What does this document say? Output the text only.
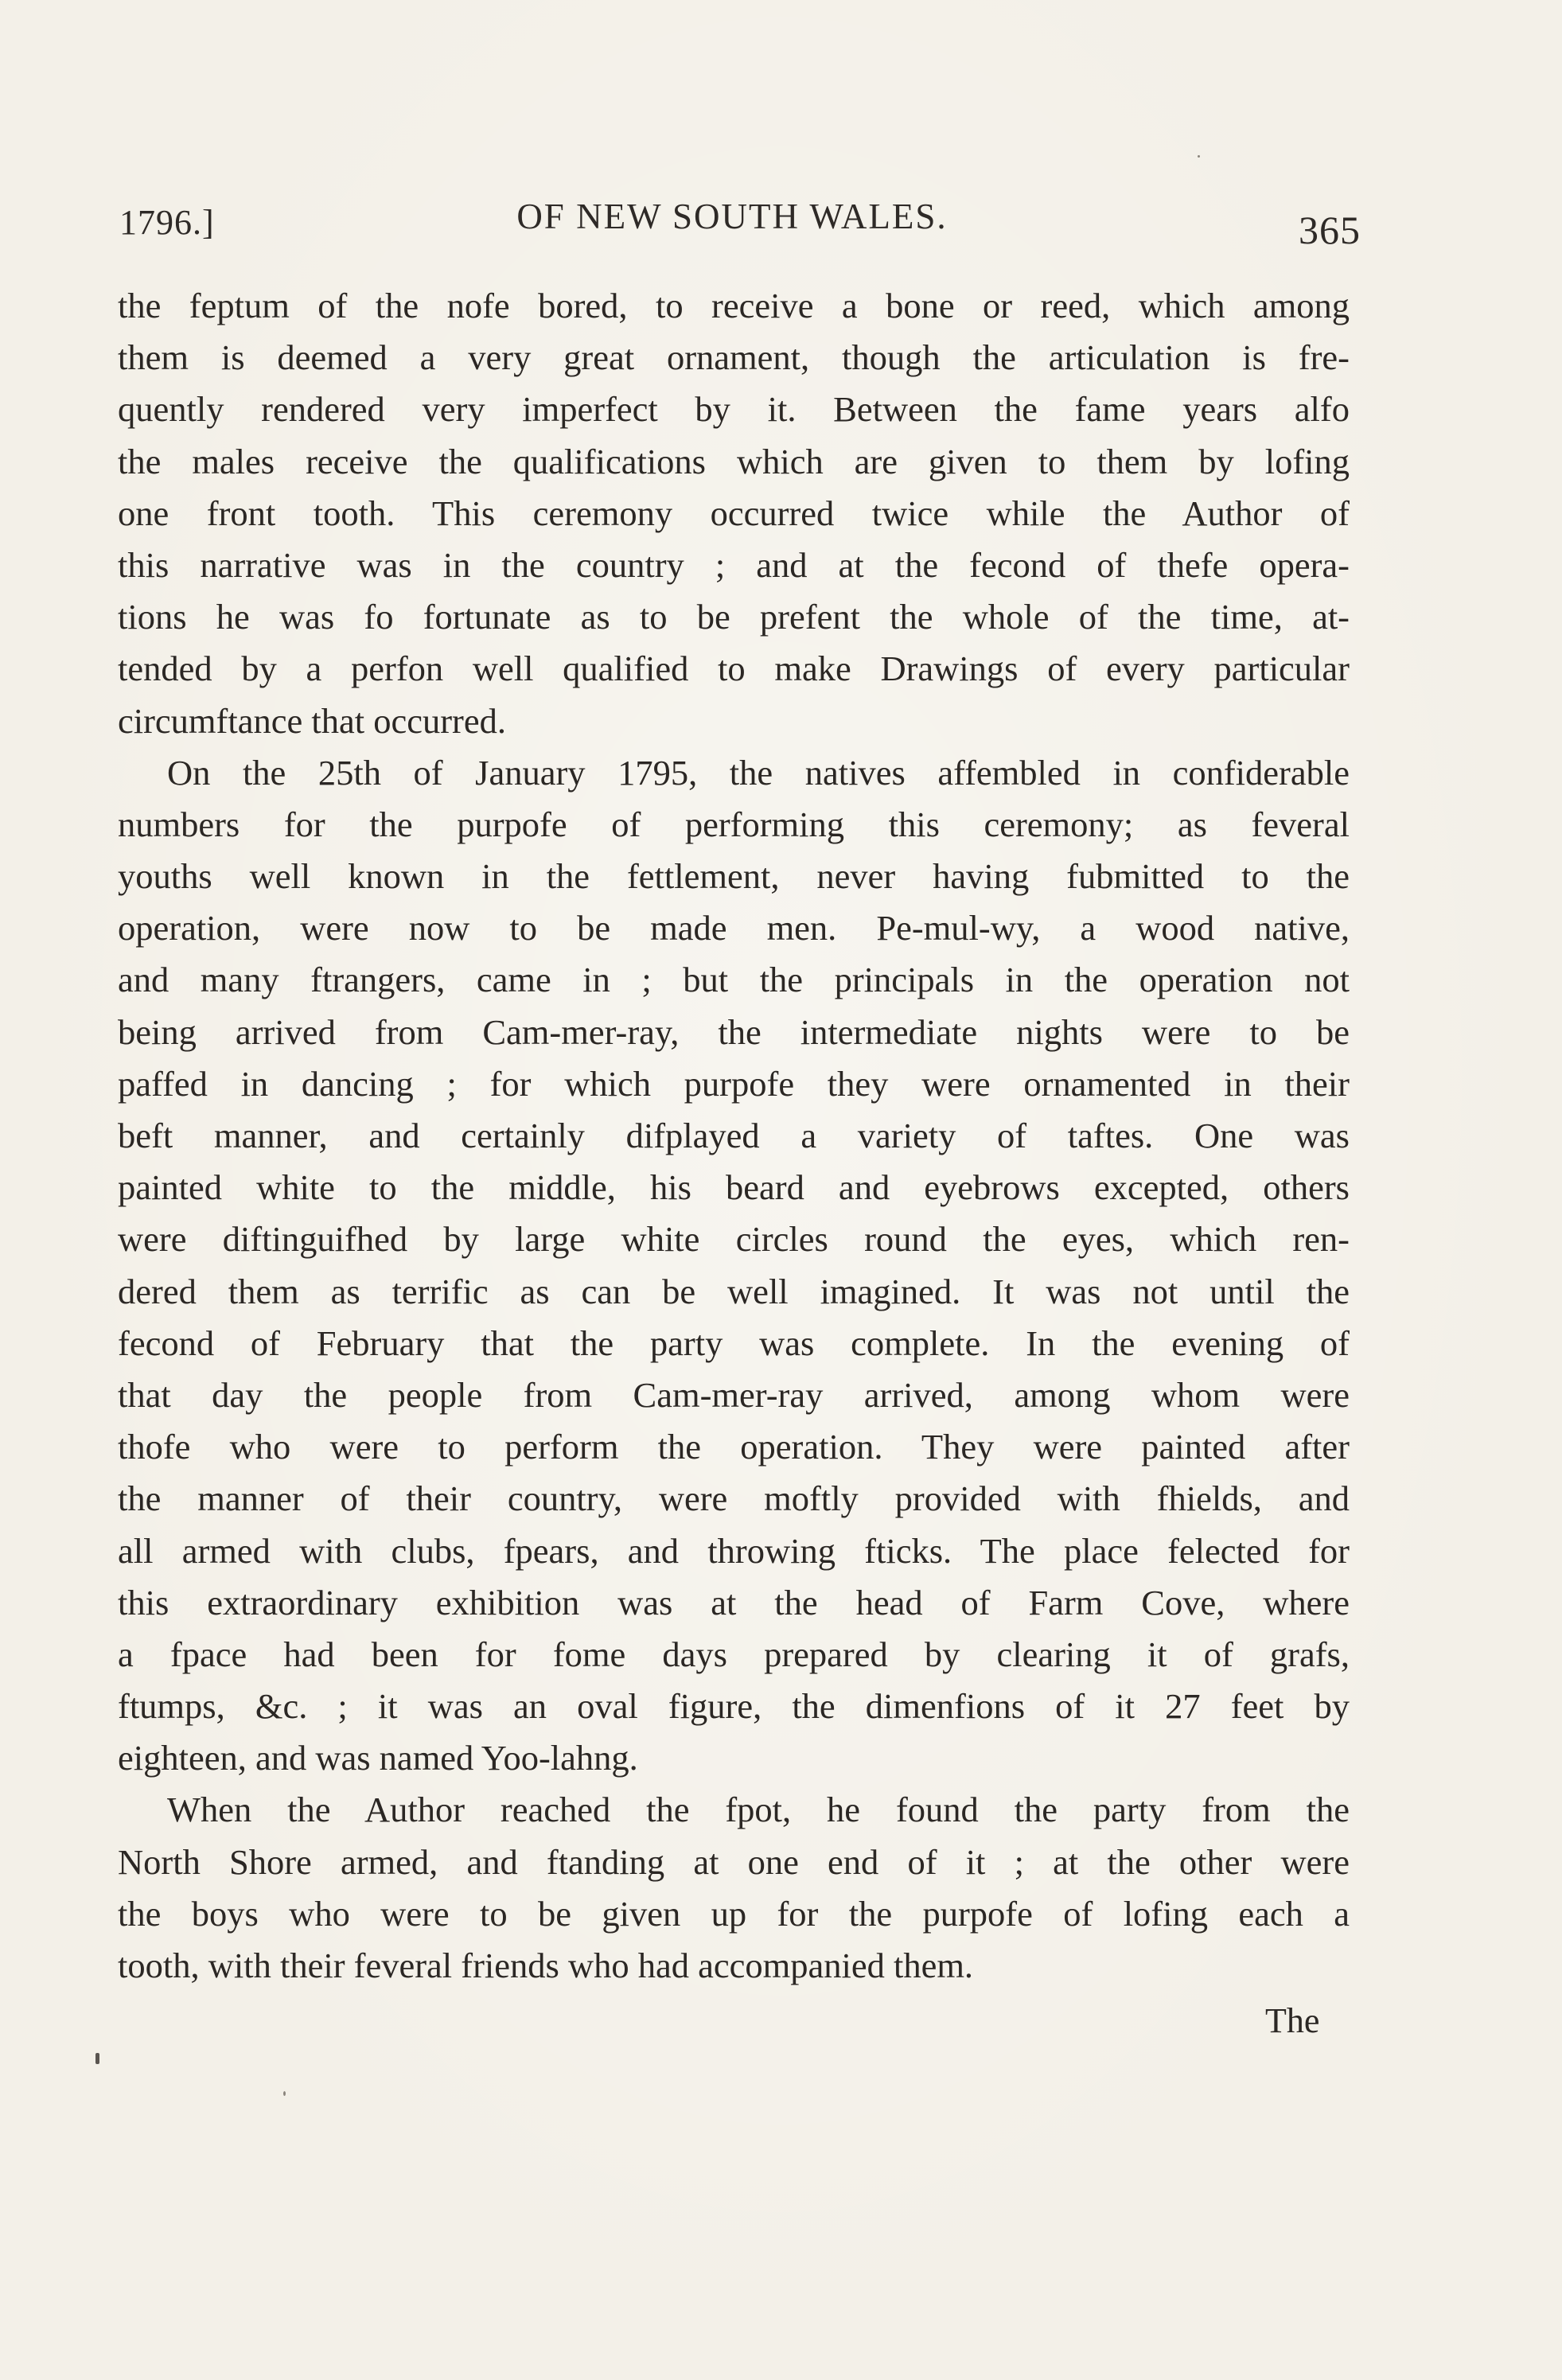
1796.]	OF NEW SOUTH WALES.	365
the feptum of the nofe bored, to receive a bone or reed, which among
them is deemed a very great ornament, though the articulation is fre-
quently rendered very imperfect by it. Between the fame years alfo
the males receive the qualifications which are given to them by lofing
one front tooth. This ceremony occurred twice while the Author of
this narrative was in the country ; and at the fecond of thefe opera-
tions he was fo fortunate as to be prefent the whole of the time, at-
tended by a perfon well qualified to make Drawings of every particular
circumftance that occurred.
On the 25th of January 1795, the natives affembled in confiderable
numbers for the purpofe of performing this ceremony; as feveral
youths well known in the fettlement, never having fubmitted to the
operation, were now to be made men. Pe-mul-wy, a wood native,
and many ftrangers, came in ; but the principals in the operation not
being arrived from Cam-mer-ray, the intermediate nights were to be
paffed in dancing ; for which purpofe they were ornamented in their
beft manner, and certainly difplayed a variety of taftes. One was
painted white to the middle, his beard and eyebrows excepted, others
were diftinguifhed by large white circles round the eyes, which ren-
dered them as terrific as can be well imagined. It was not until the
fecond of February that the party was complete. In the evening of
that day the people from Cam-mer-ray arrived, among whom were
thofe who were to perform the operation. They were painted after
the manner of their country, were moftly provided with fhields, and
all armed with clubs, fpears, and throwing fticks. The place felected for
this extraordinary exhibition was at the head of Farm Cove, where
a fpace had been for fome days prepared by clearing it of grafs,
ftumps, &c. ; it was an oval figure, the dimenfions of it 27 feet by
eighteen, and was named Yoo-lahng.
When the Author reached the fpot, he found the party from the
North Shore armed, and ftanding at one end of it ; at the other were
the boys who were to be given up for the purpofe of lofing each a
tooth, with their feveral friends who had accompanied them.
The
